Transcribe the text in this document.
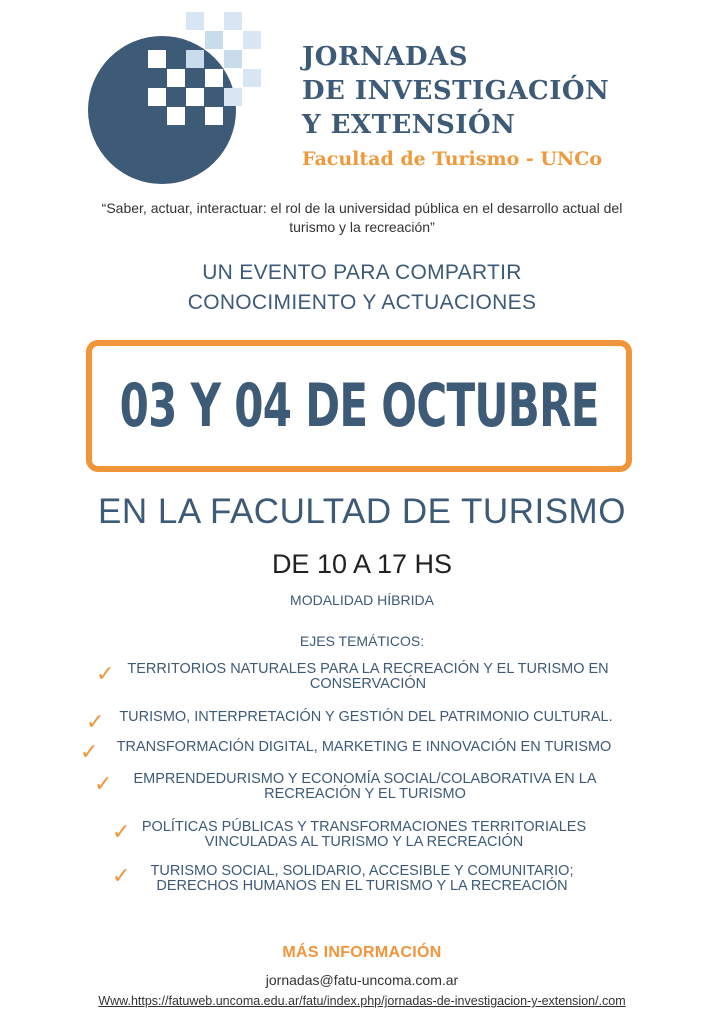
JORNADAS
DE INVESTIGACIÓN
Y EXTENSIÓN
Facultad de Turismo - UNCo
“Saber, actuar, interactuar: el rol de la universidad pública en el desarrollo actual del turismo y la recreación”
UN EVENTO PARA COMPARTIR
CONOCIMIENTO Y ACTUACIONES
03 Y 04 DE OCTUBRE
EN LA FACULTAD DE TURISMO
DE 10 A 17 HS
MODALIDAD HÍBRIDA
EJES TEMÁTICOS:
✓ TERRITORIOS NATURALES PARA LA RECREACIÓN Y EL TURISMO EN
CONSERVACIÓN
✓	TURISMO, INTERPRETACIÓN Y GESTIÓN DEL PATRIMONIO CULTURAL.
✓	TRANSFORMACIÓN DIGITAL, MARKETING E INNOVACIÓN EN TURISMO
✓	EMPRENDEDURISMO Y ECONOMÍA SOCIAL/COLABORATIVA EN LA
RECREACIÓN Y EL TURISMO
✓ POLÍTICAS PÚBLICAS Y TRANSFORMACIONES TERRITORIALES
VINCULADAS AL TURISMO Y LA RECREACIÓN
✓	TURISMO SOCIAL, SOLIDARIO, ACCESIBLE Y COMUNITARIO;
DERECHOS HUMANOS EN EL TURISMO Y LA RECREACIÓN
MÁS INFORMACIÓN
jornadas@fatu-uncoma.com.ar
Www.https://fatuweb.uncoma.edu.ar/fatu/index.php/jornadas-de-investigacion-y-extension/.com
